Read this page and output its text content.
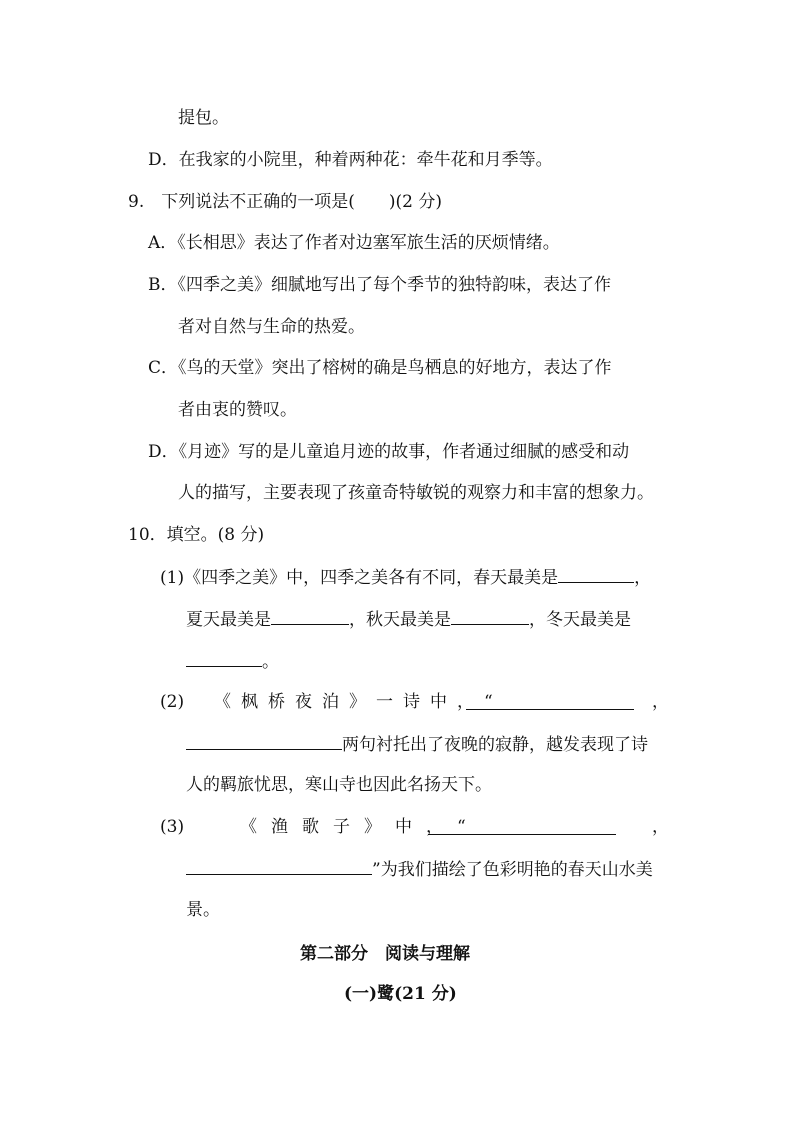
提包。
D．在我家的小院里，种着两种花：牵牛花和月季等。
9.　下列说法不正确的一项是(　　)(2 分)
A．《长相思》表达了作者对边塞军旅生活的厌烦情绪。
B．《四季之美》细腻地写出了每个季节的独特韵味，表达了作
者对自然与生命的热爱。
C．《鸟的天堂》突出了榕树的确是鸟栖息的好地方，表达了作
者由衷的赞叹。
D．《月迹》写的是儿童追月迹的故事，作者通过细腻的感受和动
人的描写，主要表现了孩童奇特敏锐的观察力和丰富的想象力。
10．填空。(8 分)
(1)《四季之美》中，四季之美各有不同，春天最美是	，
夏天最美是	，秋天最美是	，冬天最美是
。
(2) 《枫桥夜泊》一诗中，“	，
两句衬托出了夜晚的寂静，越发表现了诗
人的羁旅忧思，寒山寺也因此名扬天下。
(3)	《渔歌子》中，“	，
”为我们描绘了色彩明艳的春天山水美
景。
第二部分　阅读与理解
(一)鹭(21 分)
